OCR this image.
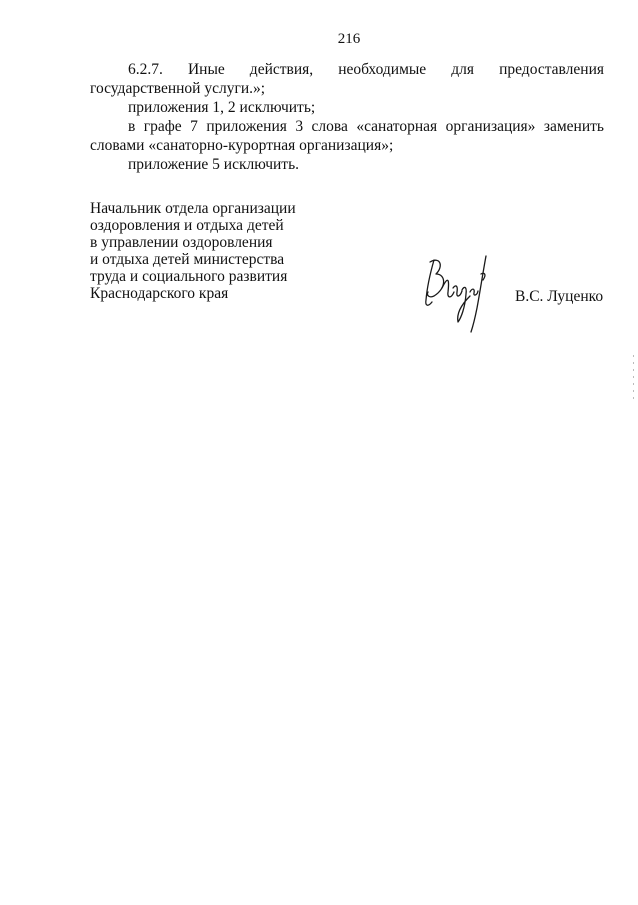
216

6.2.7. Иные действия, необходимые для предоставления государственной услуги.»;

приложения 1, 2 исключить;

в графе 7 приложения 3 слова «санаторная организация» заменить словами «санаторно-курортная организация»;

приложение 5 исключить.

Начальник отдела организации
оздоровления и отдыха детей
в управлении оздоровления
и отдыха детей министерства
труда и социального развития
Краснодарского края	В.С. Луценко
